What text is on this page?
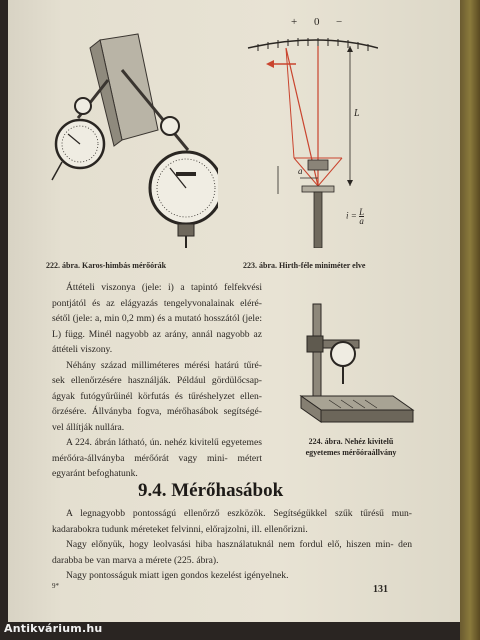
222. ábra. Karos-himbás mérőórák
+ 0 −
L
a
$i = \frac{L}{a}$
223. ábra. Hirth-féle miniméter elve

Áttételi viszonya (jele: i) a tapintó felfekvési pontjától és az elágyazás tengelyvonalainak eléré- sétől (jele: a, min 0,2 mm) és a mutató hosszától (jele: L) függ. Minél nagyobb az arány, annál nagyobb az áttételi viszony.

Néhány század milliméteres mérési határú tűré- sek ellenőrzésére használják. Például gördülőcsap- ágyak futógyűrűinél körfutás és tűréshelyzet ellen- őrzésére. Állványba fogva, mérőhasábok segítségé- vel állítják nullára.

A 224. ábrán látható, ún. nehéz kivitelű egyetemes mérőóra-állványba mérőórát vagy mini- métert egyaránt befoghatunk.

224. ábra. Nehéz kivitelű
egyetemes mérőóraállvány
9.4. Mérőhasábok

A legnagyobb pontosságú ellenőrző eszközök. Segítségükkel szűk tűrésű mun- kadarabokra tudunk méreteket felvinni, előrajzolni, ill. ellenőrizni.

Nagy előnyük, hogy leolvasási hiba használatuknál nem fordul elő, hiszen min- den darabba be van marva a mérete (225. ábra).

Nagy pontosságuk miatt igen gondos kezelést igényelnek.

9*	131
Antikvárium.hu
